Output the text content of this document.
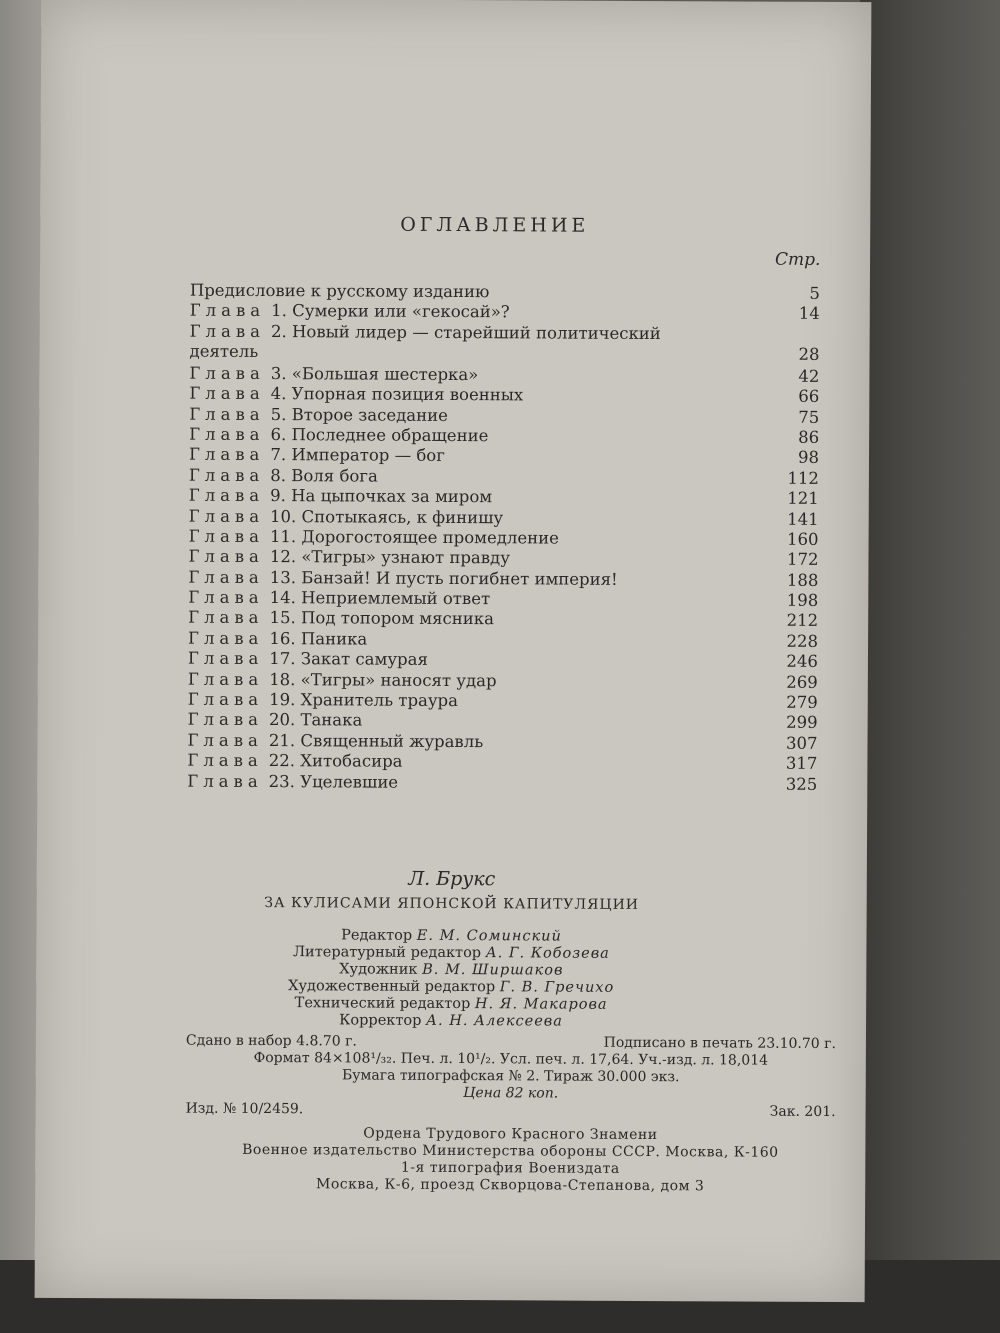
ОГЛАВЛЕНИЕ
Стр.
Предисловие к русскому изданию	5
Глава 1. Сумерки или «гекосай»?	14
Глава 2. Новый лидер — старейший политический
деятель	28
Глава 3. «Большая шестерка»	42
Глава 4. Упорная позиция военных	66
Глава 5. Второе заседание	75
Глава 6. Последнее обращение	86
Глава 7. Император — бог	98
Глава 8. Воля бога	112
Глава 9. На цыпочках за миром	121
Глава 10. Спотыкаясь, к финишу	141
Глава 11. Дорогостоящее промедление	160
Глава 12. «Тигры» узнают правду	172
Глава 13. Банзай! И пусть погибнет империя!	188
Глава 14. Неприемлемый ответ	198
Глава 15. Под топором мясника	212
Глава 16. Паника	228
Глава 17. Закат самурая	246
Глава 18. «Тигры» наносят удар	269
Глава 19. Хранитель траура	279
Глава 20. Танака	299
Глава 21. Священный журавль	307
Глава 22. Хитобасира	317
Глава 23. Уцелевшие	325
Л. Брукс
ЗА КУЛИСАМИ ЯПОНСКОЙ КАПИТУЛЯЦИИ
Редактор Е. М. Соминский
Литературный редактор А. Г. Кобозева
Художник В. М. Ширшаков
Художественный редактор Г. В. Гречихо
Технический редактор Н. Я. Макарова
Корректор А. Н. Алексеева
Сдано в набор 4.8.70 г.	Подписано в печать 23.10.70 г.
Формат 84×108¹/₃₂. Печ. л. 10¹/₂. Усл. печ. л. 17,64. Уч.-изд. л. 18,014
Бумага типографская № 2. Тираж 30.000 экз.
Цена 82 коп.
Изд. № 10/2459.	Зак. 201.
Ордена Трудового Красного Знамени
Военное издательство Министерства обороны СССР. Москва, К-160
1-я типография Воениздата
Москва, К-6, проезд Скворцова-Степанова, дом 3
